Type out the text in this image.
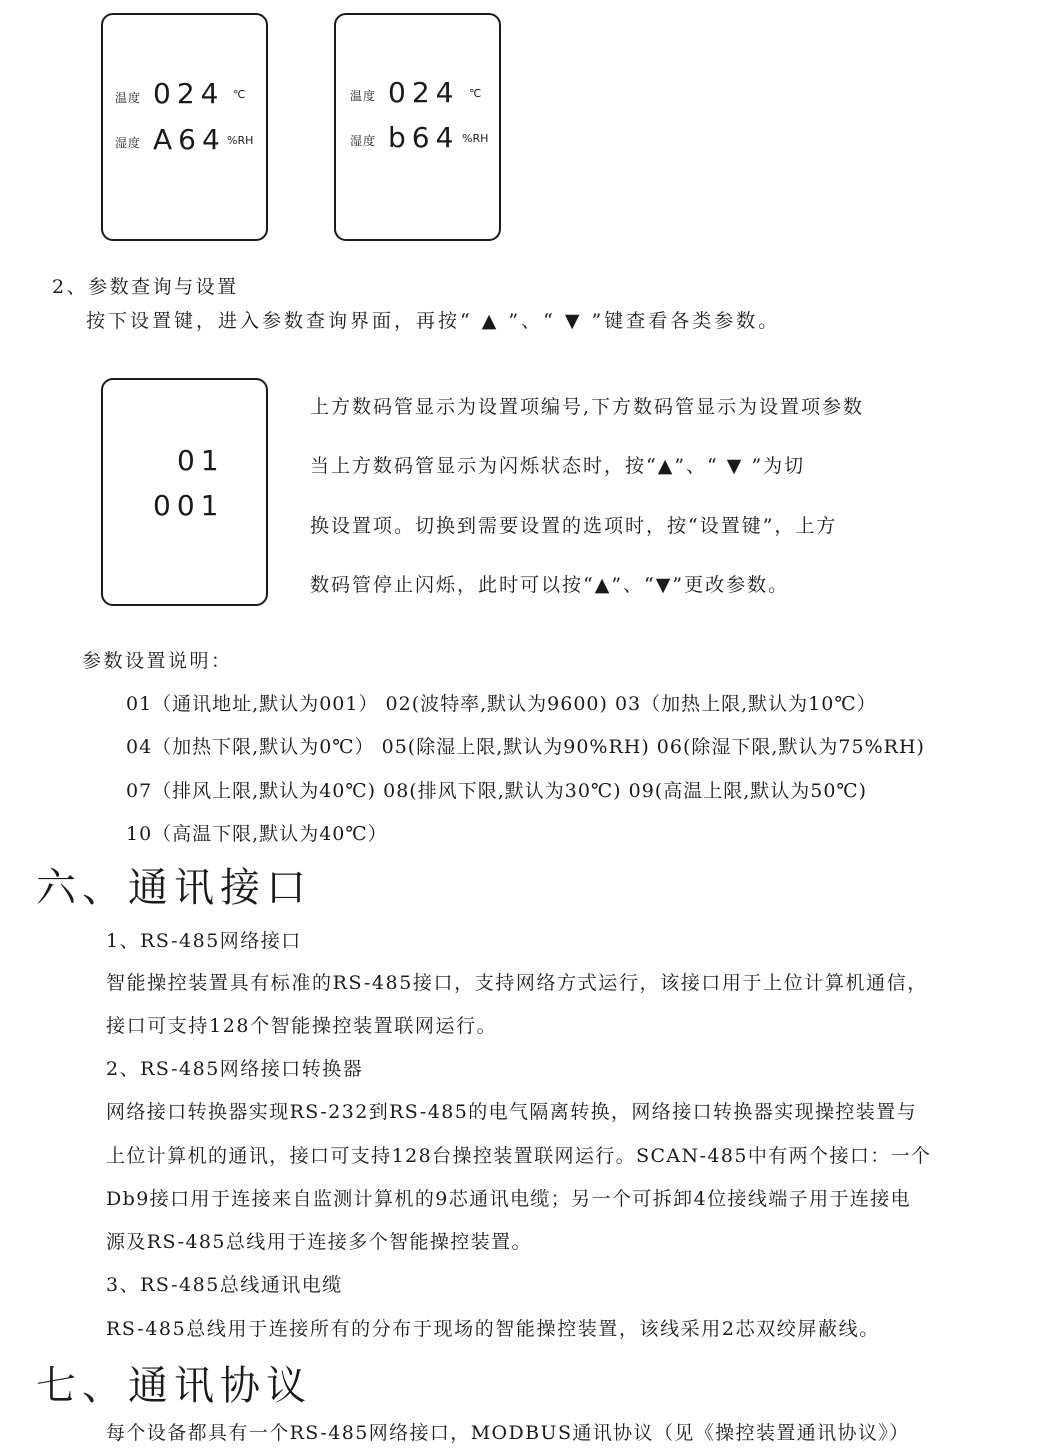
温度 024 ℃
湿度 A64 %RH
温度 024 ℃
湿度 b64 %RH
2、参数查询与设置
按下设置键，进入参数查询界面，再按“ ▲ ”、“ ▼ ”键查看各类参数。
01
001
上方数码管显示为设置项编号,下方数码管显示为设置项参数
当上方数码管显示为闪烁状态时，按“▲”、“ ▼ ”为切
换设置项。切换到需要设置的选项时，按“设置键”，上方
数码管停止闪烁，此时可以按“▲”、“▼”更改参数。
参数设置说明：
01（通讯地址,默认为001） 02(波特率,默认为9600) 03（加热上限,默认为10℃）
04（加热下限,默认为0℃） 05(除湿上限,默认为90%RH) 06(除湿下限,默认为75%RH)
07（排风上限,默认为40℃) 08(排风下限,默认为30℃) 09(高温上限,默认为50℃)
10（高温下限,默认为40℃）
六、通讯接口
1、RS-485网络接口
智能操控装置具有标准的RS-485接口，支持网络方式运行，该接口用于上位计算机通信，
接口可支持128个智能操控装置联网运行。
2、RS-485网络接口转换器
网络接口转换器实现RS-232到RS-485的电气隔离转换，网络接口转换器实现操控装置与
上位计算机的通讯，接口可支持128台操控装置联网运行。SCAN-485中有两个接口：一个
Db9接口用于连接来自监测计算机的9芯通讯电缆；另一个可拆卸4位接线端子用于连接电
源及RS-485总线用于连接多个智能操控装置。
3、RS-485总线通讯电缆
RS-485总线用于连接所有的分布于现场的智能操控装置，该线采用2芯双绞屏蔽线。
七、通讯协议
每个设备都具有一个RS-485网络接口，MODBUS通讯协议（见《操控装置通讯协议》）
